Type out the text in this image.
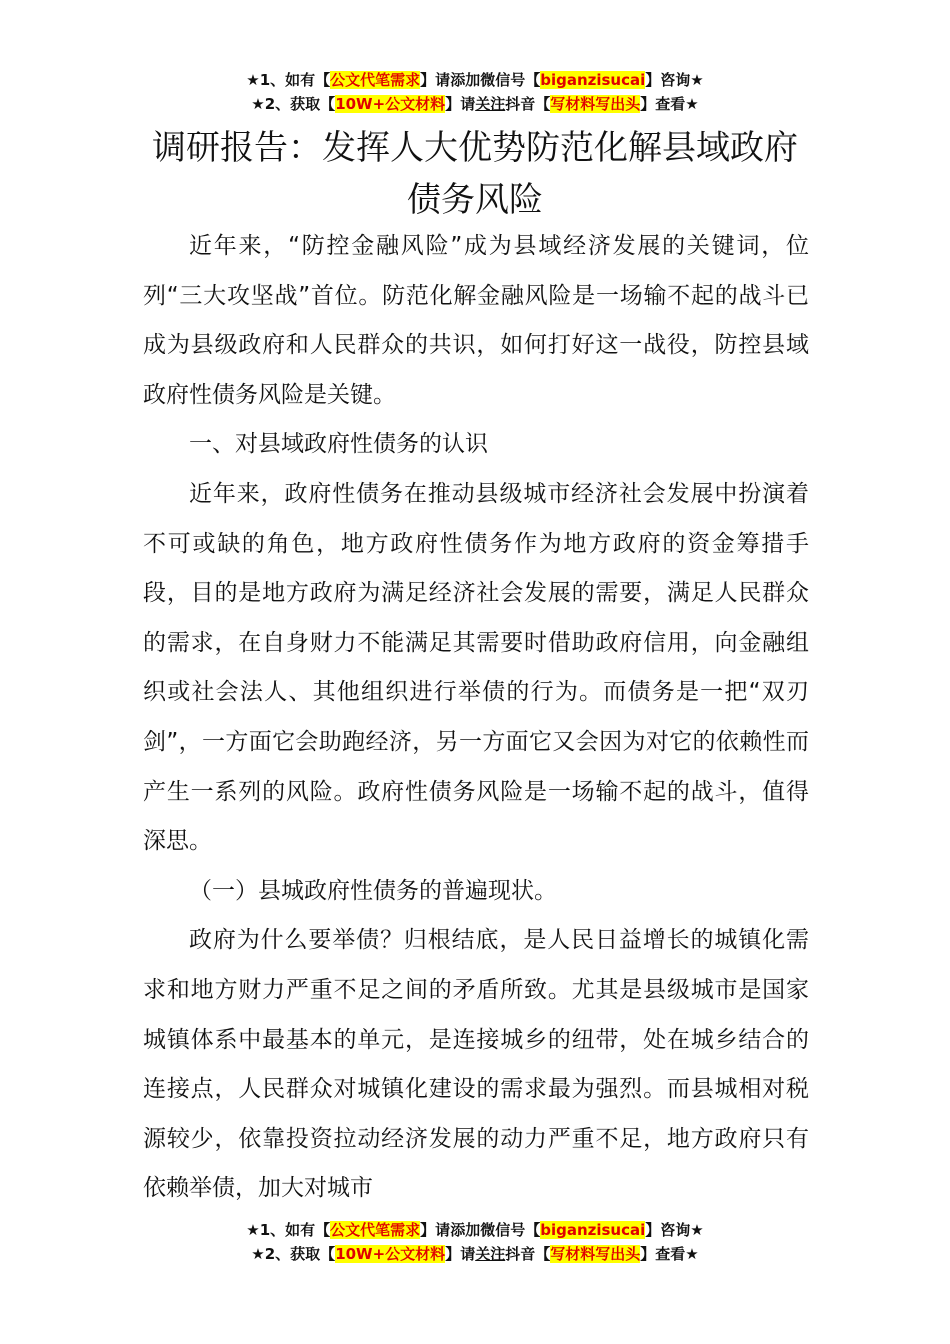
★1、如有【公文代笔需求】请添加微信号【biganzisucai】咨询★
★2、获取【10W+公文材料】请关注抖音【写材料写出头】查看★
调研报告：发挥人大优势防范化解县域政府债务风险

近年来，“防控金融风险”成为县域经济发展的关键词，位列“三大攻坚战”首位。防范化解金融风险是一场输不起的战斗已成为县级政府和人民群众的共识，如何打好这一战役，防控县域政府性债务风险是关键。

一、对县域政府性债务的认识

近年来，政府性债务在推动县级城市经济社会发展中扮演着不可或缺的角色，地方政府性债务作为地方政府的资金筹措手段，目的是地方政府为满足经济社会发展的需要，满足人民群众的需求，在自身财力不能满足其需要时借助政府信用，向金融组织或社会法人、其他组织进行举债的行为。而债务是一把“双刃剑”，一方面它会助跑经济，另一方面它又会因为对它的依赖性而产生一系列的风险。政府性债务风险是一场输不起的战斗，值得深思。

（一）县城政府性债务的普遍现状。

政府为什么要举债？归根结底，是人民日益增长的城镇化需求和地方财力严重不足之间的矛盾所致。尤其是县级城市是国家城镇体系中最基本的单元，是连接城乡的纽带，处在城乡结合的连接点，人民群众对城镇化建设的需求最为强烈。而县城相对税源较少，依靠投资拉动经济发展的动力严重不足，地方政府只有依赖举债，加大对城市

★1、如有【公文代笔需求】请添加微信号【biganzisucai】咨询★
★2、获取【10W+公文材料】请关注抖音【写材料写出头】查看★
